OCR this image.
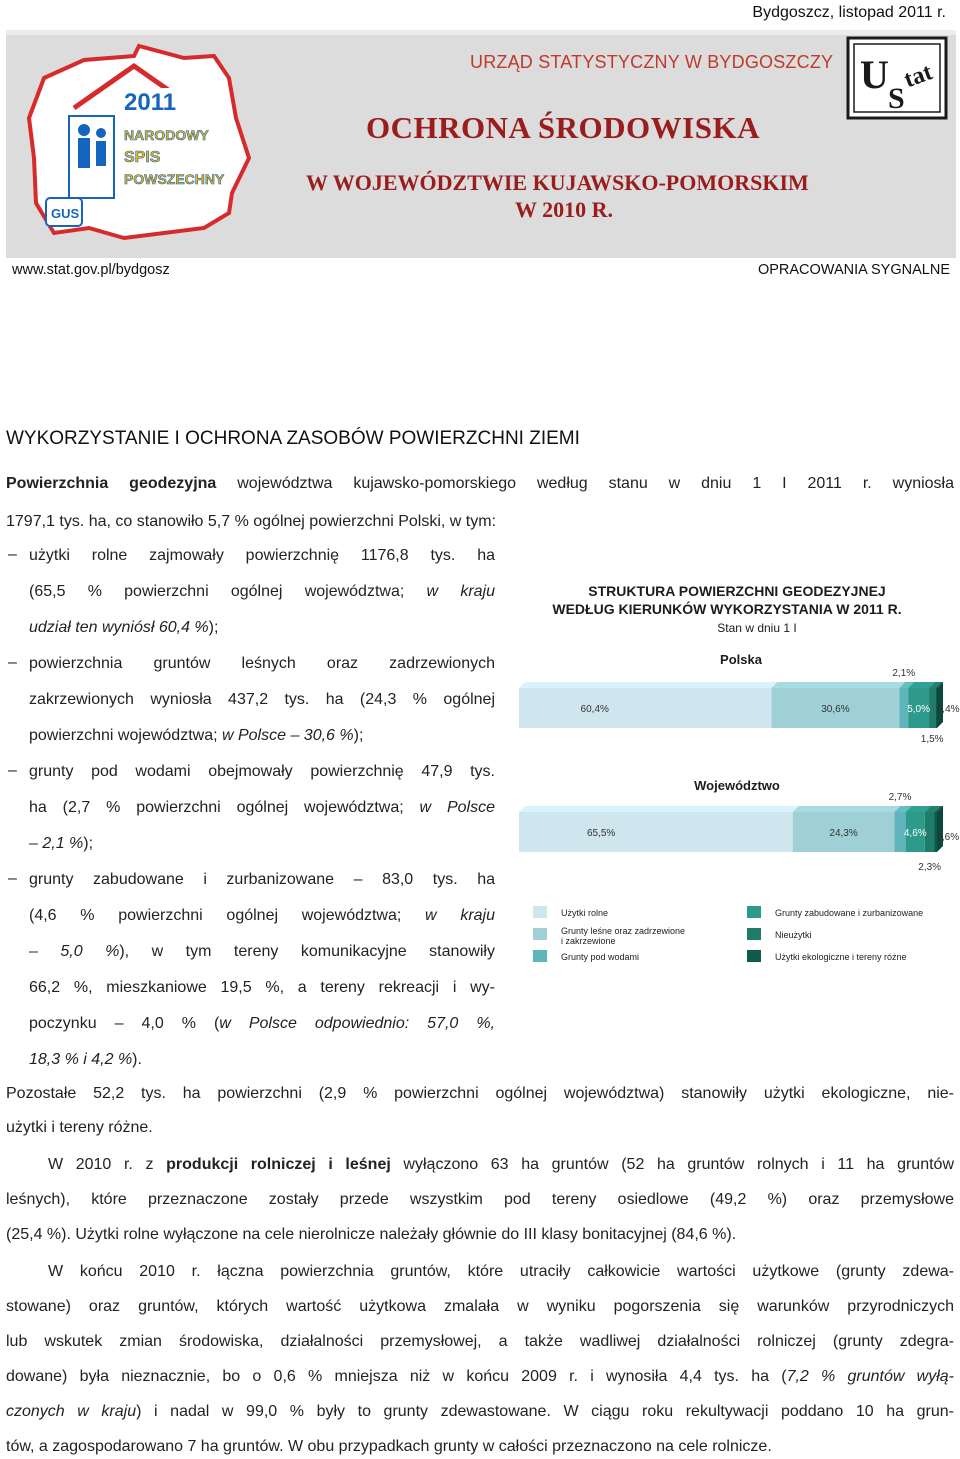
Bydgoszcz, listopad 2011 r.
2011
NARODOWY
SPIS
POWSZECHNY
GUS
URZĄD STATYSTYCZNY W BYDGOSZCZY
OCHRONA ŚRODOWISKA
W WOJEWÓDZTWIE KUJAWSKO-POMORSKIM
W 2010 R.
U
S
tat
www.stat.gov.pl/bydgosz	OPRACOWANIA SYGNALNE
WYKORZYSTANIE I OCHRONA ZASOBÓW POWIERZCHNI ZIEMI
Powierzchnia geodezyjna województwa kujawsko-pomorskiego według stanu w dniu 1 I 2011 r. wyniosła
1797,1 tys. ha, co stanowiło 5,7 % ogólnej powierzchni Polski, w tym:
– użytki rolne zajmowały powierzchnię 1176,8 tys. ha
(65,5 % powierzchni ogólnej województwa; w kraju
udział ten wyniósł 60,4 %);
– powierzchnia gruntów leśnych oraz zadrzewionych
zakrzewionych wyniosła 437,2 tys. ha (24,3 % ogólnej
powierzchni województwa; w Polsce – 30,6 %);
– grunty pod wodami obejmowały powierzchnię 47,9 tys.
ha (2,7 % powierzchni ogólnej województwa; w Polsce
– 2,1 %);
– grunty zabudowane i zurbanizowane – 83,0 tys. ha
(4,6 % powierzchni ogólnej województwa; w kraju
– 5,0 %), w tym tereny komunikacyjne stanowiły
66,2 %, mieszkaniowe 19,5 %, a tereny rekreacji i wy-
poczynku – 4,0 % (w Polsce odpowiednio: 57,0 %,
18,3 % i 4,2 %).
Pozostałe 52,2 tys. ha powierzchni (2,9 % powierzchni ogólnej województwa) stanowiły użytki ekologiczne, nie-
użytki i tereny różne.
W 2010 r. z produkcji rolniczej i leśnej wyłączono 63 ha gruntów (52 ha gruntów rolnych i 11 ha gruntów
leśnych), które przeznaczone zostały przede wszystkim pod tereny osiedlowe (49,2 %) oraz przemysłowe
(25,4 %). Użytki rolne wyłączone na cele nierolnicze należały głównie do III klasy bonitacyjnej (84,6 %).
W końcu 2010 r. łączna powierzchnia gruntów, które utraciły całkowicie wartości użytkowe (grunty zdewa-
stowane) oraz gruntów, których wartość użytkowa zmalała w wyniku pogorszenia się warunków przyrodniczych
lub wskutek zmian środowiska, działalności przemysłowej, a także wadliwej działalności rolniczej (grunty zdegra-
dowane) była nieznacznie, bo o 0,6 % mniejsza niż w końcu 2009 r. i wynosiła 4,4 tys. ha (7,2 % gruntów wyłą-
czonych w kraju) i nadal w 99,0 % były to grunty zdewastowane. W ciągu roku rekultywacji poddano 10 ha grun-
tów, a zagospodarowano 7 ha gruntów. W obu przypadkach grunty w całości przeznaczono na cele rolnicze.
STRUKTURA POWIERZCHNI GEODEZYJNEJ
WEDŁUG KIERUNKÓW WYKORZYSTANIA W 2011 R.
Stan w dniu 1 I
Polska
Województwo
60,4%	30,6%
2,1%
5,0%
1,5%
0,4%
65,5%	24,3%
2,7%
4,6%
2,3%
0,6%
Użytki rolne
Grunty leśne oraz zadrzewione
i zakrzewione
Grunty pod wodami
Grunty zabudowane i zurbanizowane
Nieużytki
Użytki ekologiczne i tereny różne
